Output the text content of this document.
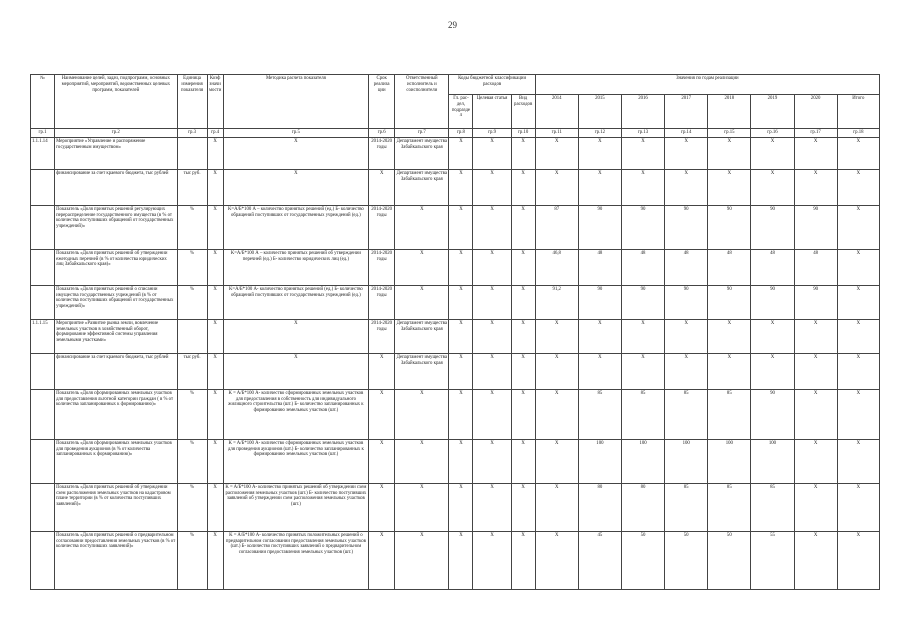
29
№	Наименование целей, задач, подпрограмм, основных мероприятий, мероприятий, ведомственных целевых программ, показателей	Единица измерения показателя	Коэф значи мости	Методика расчета показателя	Срок реализа ции	Ответственный исполнитель и соисполнители	Коды бюджетной классификации расходов			Значения по годам реализации							
							Гл. рас- дел, подразде л	Целевая статья	Вид расходов	2014	2015	2016	2017	2018	2019	2020	Итого
гр.1	гр.2	гр.3	гр.4	гр.5	гр.6	гр.7	гр.8	гр.9	гр.10	гр.11	гр.12	гр.13	гр.14	гр.15	гр.16	гр.17	гр.18
1.1.1.14	Мероприятие «Управление и распоряжение государственным имуществом»		X	X	2014-2020 годы	Департамент имущества Забайкальского края	X	X	X	X	X	X	X	X	X	X	X
	финансирование за счет краевого бюджета, тыс рублей	тыс руб.	X	X	X	Департамент имущества Забайкальского края	X	X	X	X	X	X	X	X	X	X	X
	Показатель «Доля принятых решений регулирующих перераспределение государственного имущества (в % от количества поступивших обращений от государственных учреждений)»	%	X	K=A/Б*100 А – количество принятых решений (ед.) Б- количество обращений поступивших от государственных учреждений (ед.)	2014-2020 годы	X	X	X	X	87	90	90	90	90	90	90	X
	Показатель «Доля принятых решений об утверждении ежегодных перечней (в % от количества юридических лиц Забайкальского края)»	%	X	K=A/Б*100 А – количество принятых решений об утверждении перечней (ед.) Б- количество юридических лиц (ед.)	2014-2020 годы	X	X	X	X	46,8	48	48	48	48	48	48	X
	Показатель «Доля принятых решений о списании имущества государственных учреждений (в % от количества поступивших обращений от государственных учреждений)»	%	X	K=A/Б*100 А- количество принятых решений (ед.) Б- количество обращений поступивших от государственных учреждений (ед.)	2014-2020 годы	X	X	X	X	91,2	90	90	90	90	90	90	X
1.1.1.15	Мероприятие «Развитие рынка земли, вовлечение земельных участков в хозяйственный оборот, формирование эффективной системы управления земельными участками»		X	X	2014-2020 годы	Департамент имущества Забайкальского края	X	X	X	X	X	X	X	X	X	X	X
	финансирование за счет краевого бюджета, тыс рублей	тыс руб.	X	X	X	Департамент имущества Забайкальского края	X	X	X	X	X	X	X	X	X	X	X
	Показатель «Доля сформированных земельных участков для предоставления льготной категории граждан ( в % от количества запланированных к формированию)»	%	X	K = A/Б*100 А- количество сформированных земельных участков для предоставления в собственность для индивидуального жилищного строительства (шт.) Б- количество запланированных к формированию земельных участков (шт.)	X	X	X	X	X	X	85	85	85	85	90	X	X
	Показатель «Доля сформированных земельных участков для проведения аукционов (в % от количества запланированных к формированию)»	%	X	K = A/Б*100 А- количество сформированных земельных участков для проведения аукционов (шт.) Б- количество запланированных к формированию земельных участков (шт.)	X	X	X	X	X	X	100	100	100	100	100	X	X
	Показатель «Доля принятых решений об утверждении схем расположения земельных участков на кадастровом плане территории (в % от количества поступивших заявлений)»	%	X	K = A/Б*100 А- количество принятых решений об утверждении схем расположения земельных участков (шт.) Б- количество поступивших заявлений об утверждении схем расположения земельных участков (шт.)	X	X	X	X	X	X	80	80	85	85	85	X	X
	Показатель «Доля принятых решений о предварительном согласовании предоставления земельных участков (в % от количества поступивших заявлений)»	%	X	K = A/Б*100 А- количество принятых положительных решений о предварительном согласовании предоставления земельных участков (шт.) Б- количество поступивших заявлений о предварительном согласовании предоставления земельных участков (шт.)	X	X	X	X	X	X	45	50	50	50	55	X	X
